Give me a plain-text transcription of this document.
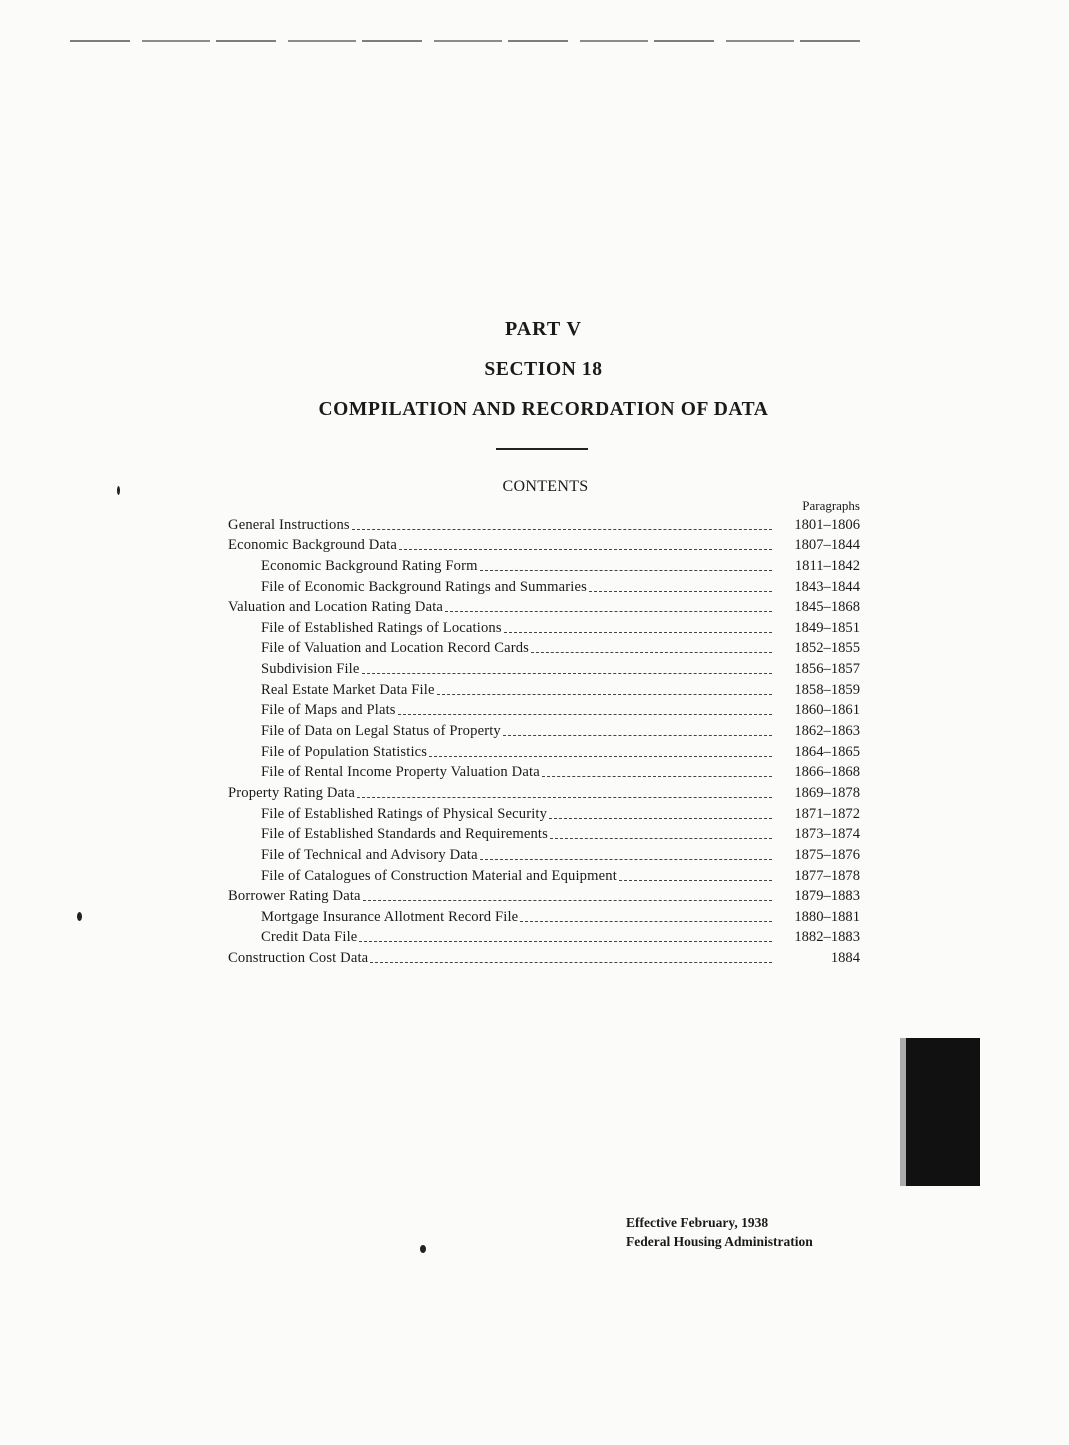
PART V
SECTION 18
COMPILATION AND RECORDATION OF DATA
CONTENTS
Paragraphs
General Instructions	1801–1806
Economic Background Data	1807–1844
Economic Background Rating Form	1811–1842
File of Economic Background Ratings and Summaries	1843–1844
Valuation and Location Rating Data	1845–1868
File of Established Ratings of Locations	1849–1851
File of Valuation and Location Record Cards	1852–1855
Subdivision File	1856–1857
Real Estate Market Data File	1858–1859
File of Maps and Plats	1860–1861
File of Data on Legal Status of Property	1862–1863
File of Population Statistics	1864–1865
File of Rental Income Property Valuation Data	1866–1868
Property Rating Data	1869–1878
File of Established Ratings of Physical Security	1871–1872
File of Established Standards and Requirements	1873–1874
File of Technical and Advisory Data	1875–1876
File of Catalogues of Construction Material and Equipment	1877–1878
Borrower Rating Data	1879–1883
Mortgage Insurance Allotment Record File	1880–1881
Credit Data File	1882–1883
Construction Cost Data	1884
Effective February, 1938
Federal Housing Administration
